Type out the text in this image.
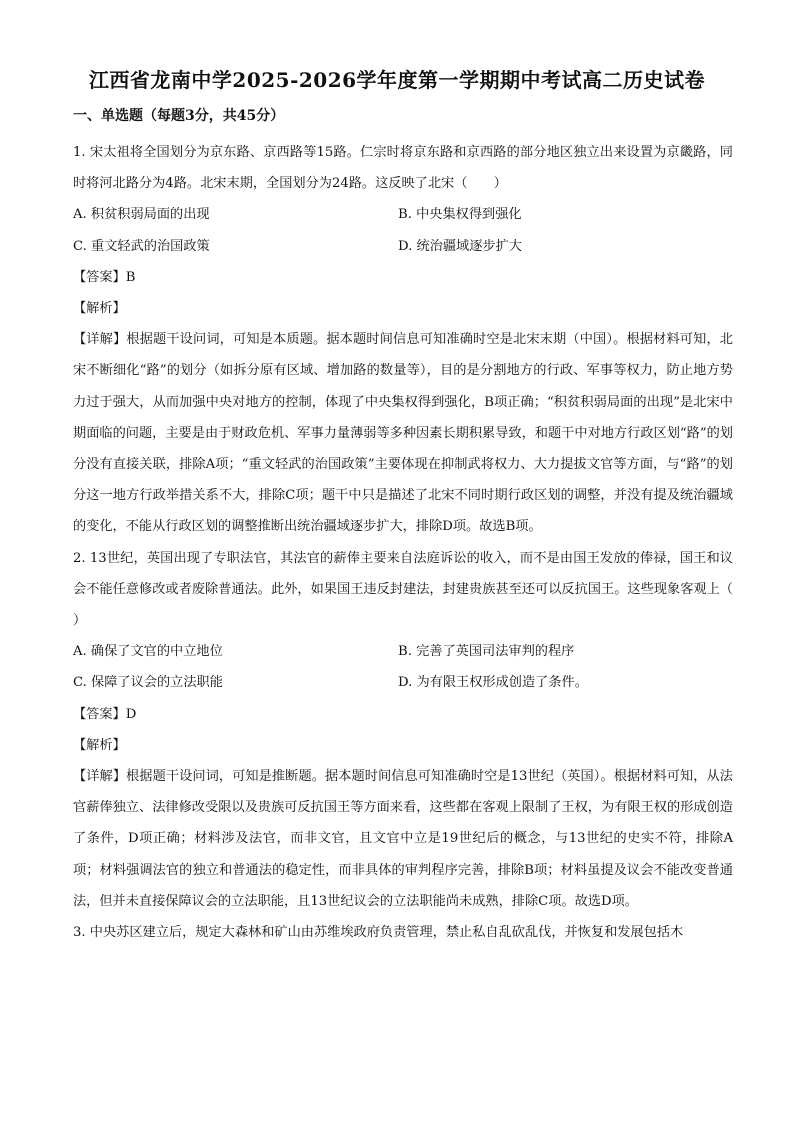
江西省龙南中学2025-2026学年度第一学期期中考试高二历史试卷
一、单选题（每题3分，共45分）

1. 宋太祖将全国划分为京东路、京西路等15路。仁宗时将京东路和京西路的部分地区独立出来设置为京畿路，同时将河北路分为4路。北宋末期，全国划分为24路。这反映了北宋（　　）

A. 积贫积弱局面的出现	B. 中央集权得到强化
C. 重文轻武的治国政策	D. 统治疆域逐步扩大

【答案】B

【解析】

【详解】根据题干设问词，可知是本质题。据本题时间信息可知准确时空是北宋末期（中国）。根据材料可知，北宋不断细化“路”的划分（如拆分原有区域、增加路的数量等），目的是分割地方的行政、军事等权力，防止地方势力过于强大，从而加强中央对地方的控制，体现了中央集权得到强化，B项正确；“积贫积弱局面的出现”是北宋中期面临的问题，主要是由于财政危机、军事力量薄弱等多种因素长期积累导致，和题干中对地方行政区划“路”的划分没有直接关联，排除A项；“重文轻武的治国政策”主要体现在抑制武将权力、大力提拔文官等方面，与“路”的划分这一地方行政举措关系不大，排除C项；题干中只是描述了北宋不同时期行政区划的调整，并没有提及统治疆域的变化，不能从行政区划的调整推断出统治疆域逐步扩大，排除D项。故选B项。

2. 13世纪，英国出现了专职法官，其法官的薪俸主要来自法庭诉讼的收入，而不是由国王发放的俸禄，国王和议会不能任意修改或者废除普通法。此外，如果国王违反封建法，封建贵族甚至还可以反抗国王。这些现象客观上（ ）

A. 确保了文官的中立地位	B. 完善了英国司法审判的程序
C. 保障了议会的立法职能	D. 为有限王权形成创造了条件。

【答案】D

【解析】

【详解】根据题干设问词，可知是推断题。据本题时间信息可知准确时空是13世纪（英国）。根据材料可知，从法官薪俸独立、法律修改受限以及贵族可反抗国王等方面来看，这些都在客观上限制了王权，为有限王权的形成创造了条件，D项正确；材料涉及法官，而非文官，且文官中立是19世纪后的概念，与13世纪的史实不符，排除A项；材料强调法官的独立和普通法的稳定性，而非具体的审判程序完善，排除B项；材料虽提及议会不能改变普通法，但并未直接保障议会的立法职能，且13世纪议会的立法职能尚未成熟，排除C项。故选D项。

3. 中央苏区建立后，规定大森林和矿山由苏维埃政府负责管理，禁止私自乱砍乱伐，并恢复和发展包括木
